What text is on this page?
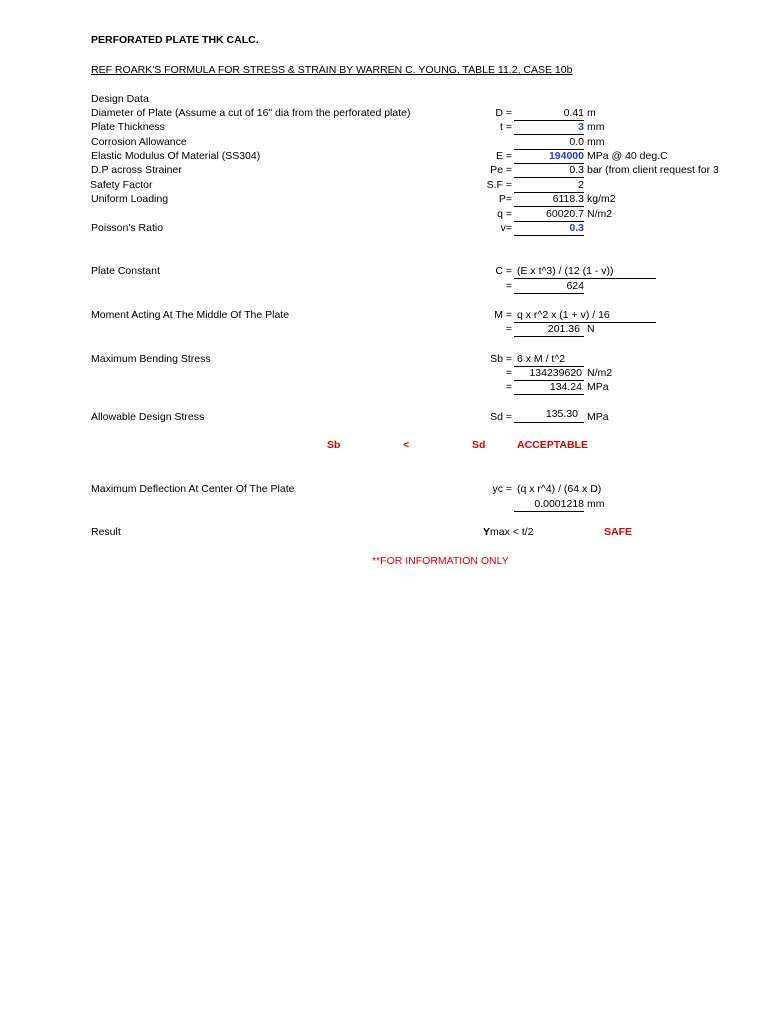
PERFORATED PLATE THK CALC.
REF ROARK'S FORMULA FOR STRESS & STRAIN BY WARREN C. YOUNG, TABLE 11.2, CASE 10b
Design Data
Diameter of Plate (Assume a cut of 16" dia from the perforated plate)	D =	0.41 m
Plate Thickness	t =	3 mm
Corrosion Allowance	0.0 mm
Elastic Modulus Of Material (SS304)	E =	194000 MPa @ 40 deg.C
D.P across Strainer	Pe =	0.3 bar (from client request for 3
Safety Factor	S.F =	2
Uniform Loading	P=	6118.3 kg/m2
q =	60020.7 N/m2
Poisson's Ratio	v=	0.3
Plate Constant	C = (E x t^3) / (12 (1 - v))
=	624
Moment Acting At The Middle Of The Plate	M = q x r^2 x (1 + v) / 16
=	201.36 N
Maximum Bending Stress	Sb = 6 x M / t^2
=	134239620 N/m2
=	134.24 MPa
Allowable Design Stress	Sd =	135.30 MPa
Sb	<	Sd	ACCEPTABLE
Maximum Deflection At Center Of The Plate	yc = (q x r^4) / (64 x D)
0.0001218 mm
Result	Ymax < t/2	SAFE
**FOR INFORMATION ONLY
